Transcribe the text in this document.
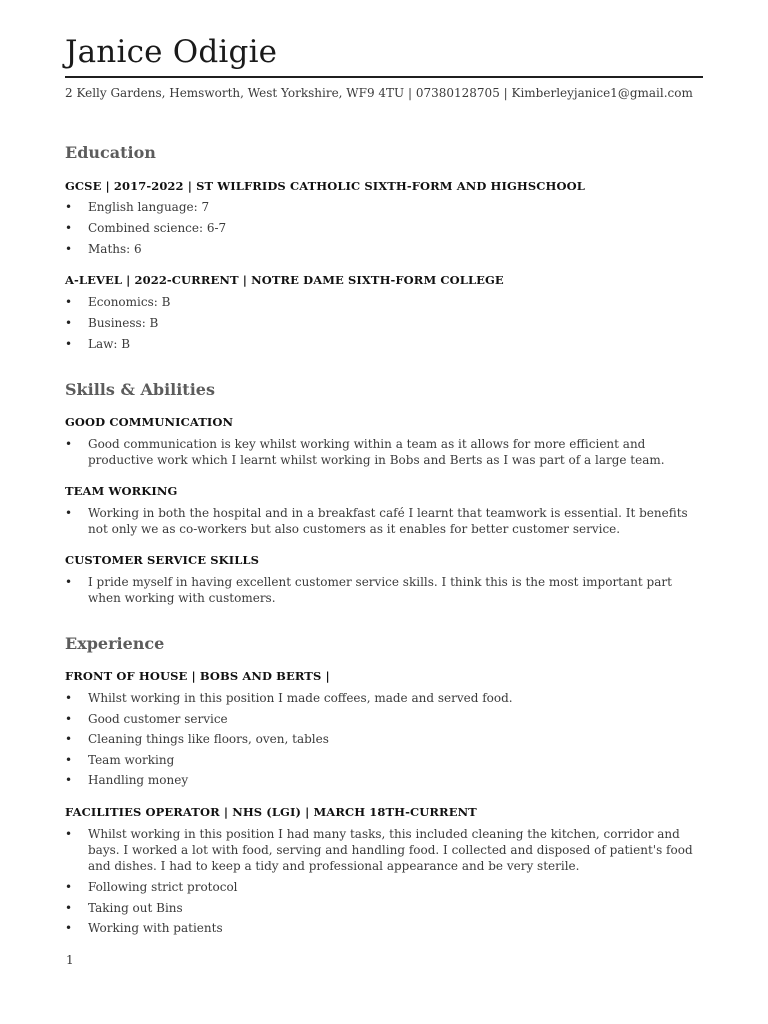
Janice Odigie

2 Kelly Gardens, Hemsworth, West Yorkshire, WF9 4TU | 07380128705 | Kimberleyjanice1@gmail.com

Education

GCSE | 2017-2022 | ST WILFRIDS CATHOLIC SIXTH-FORM AND HIGHSCHOOL

• English language: 7
• Combined science: 6-7
• Maths: 6

A-LEVEL | 2022-CURRENT | NOTRE DAME SIXTH-FORM COLLEGE

• Economics: B
• Business: B
• Law: B
Skills & Abilities

GOOD COMMUNICATION

• Good communication is key whilst working within a team as it allows for more efficient and productive work which I learnt whilst working in Bobs and Berts as I was part of a large team.

TEAM WORKING

• Working in both the hospital and in a breakfast café I learnt that teamwork is essential. It benefits not only we as co-workers but also customers as it enables for better customer service.

CUSTOMER SERVICE SKILLS

• I pride myself in having excellent customer service skills. I think this is the most important part when working with customers.
Experience

FRONT OF HOUSE | BOBS AND BERTS |

• Whilst working in this position I made coffees, made and served food.
• Good customer service
• Cleaning things like floors, oven, tables
• Team working
• Handling money

FACILITIES OPERATOR | NHS (LGI) | MARCH 18TH-CURRENT

• Whilst working in this position I had many tasks, this included cleaning the kitchen, corridor and bays. I worked a lot with food, serving and handling food. I collected and disposed of patient's food and dishes. I had to keep a tidy and professional appearance and be very sterile.
• Following strict protocol
• Taking out Bins
• Working with patients
1
